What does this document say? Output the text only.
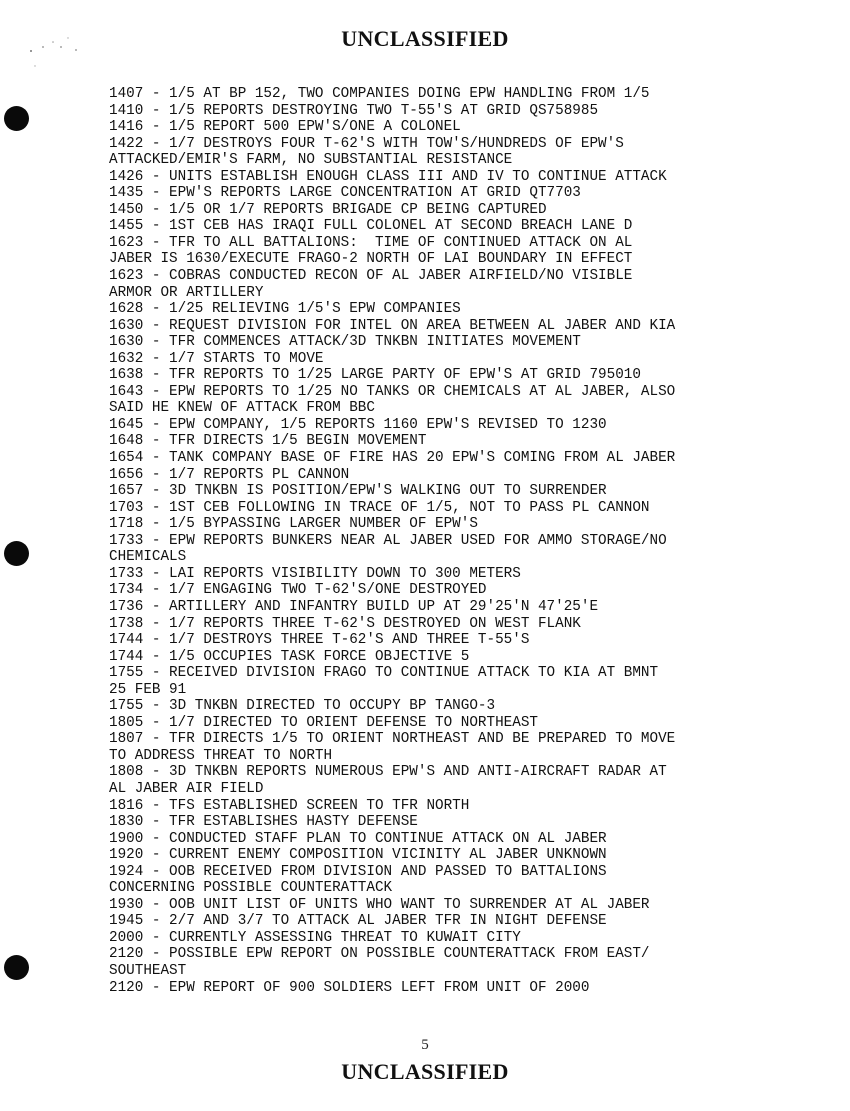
UNCLASSIFIED
1407 - 1/5 AT BP 152, TWO COMPANIES DOING EPW HANDLING FROM 1/5
1410 - 1/5 REPORTS DESTROYING TWO T-55'S AT GRID QS758985
1416 - 1/5 REPORT 500 EPW'S/ONE A COLONEL
1422 - 1/7 DESTROYS FOUR T-62'S WITH TOW'S/HUNDREDS OF EPW'S
ATTACKED/EMIR'S FARM, NO SUBSTANTIAL RESISTANCE
1426 - UNITS ESTABLISH ENOUGH CLASS III AND IV TO CONTINUE ATTACK
1435 - EPW'S REPORTS LARGE CONCENTRATION AT GRID QT7703
1450 - 1/5 OR 1/7 REPORTS BRIGADE CP BEING CAPTURED
1455 - 1ST CEB HAS IRAQI FULL COLONEL AT SECOND BREACH LANE D
1623 - TFR TO ALL BATTALIONS:  TIME OF CONTINUED ATTACK ON AL
JABER IS 1630/EXECUTE FRAGO-2 NORTH OF LAI BOUNDARY IN EFFECT
1623 - COBRAS CONDUCTED RECON OF AL JABER AIRFIELD/NO VISIBLE
ARMOR OR ARTILLERY
1628 - 1/25 RELIEVING 1/5'S EPW COMPANIES
1630 - REQUEST DIVISION FOR INTEL ON AREA BETWEEN AL JABER AND KIA
1630 - TFR COMMENCES ATTACK/3D TNKBN INITIATES MOVEMENT
1632 - 1/7 STARTS TO MOVE
1638 - TFR REPORTS TO 1/25 LARGE PARTY OF EPW'S AT GRID 795010
1643 - EPW REPORTS TO 1/25 NO TANKS OR CHEMICALS AT AL JABER, ALSO
SAID HE KNEW OF ATTACK FROM BBC
1645 - EPW COMPANY, 1/5 REPORTS 1160 EPW'S REVISED TO 1230
1648 - TFR DIRECTS 1/5 BEGIN MOVEMENT
1654 - TANK COMPANY BASE OF FIRE HAS 20 EPW'S COMING FROM AL JABER
1656 - 1/7 REPORTS PL CANNON
1657 - 3D TNKBN IS POSITION/EPW'S WALKING OUT TO SURRENDER
1703 - 1ST CEB FOLLOWING IN TRACE OF 1/5, NOT TO PASS PL CANNON
1718 - 1/5 BYPASSING LARGER NUMBER OF EPW'S
1733 - EPW REPORTS BUNKERS NEAR AL JABER USED FOR AMMO STORAGE/NO
CHEMICALS
1733 - LAI REPORTS VISIBILITY DOWN TO 300 METERS
1734 - 1/7 ENGAGING TWO T-62'S/ONE DESTROYED
1736 - ARTILLERY AND INFANTRY BUILD UP AT 29'25'N 47'25'E
1738 - 1/7 REPORTS THREE T-62'S DESTROYED ON WEST FLANK
1744 - 1/7 DESTROYS THREE T-62'S AND THREE T-55'S
1744 - 1/5 OCCUPIES TASK FORCE OBJECTIVE 5
1755 - RECEIVED DIVISION FRAGO TO CONTINUE ATTACK TO KIA AT BMNT
25 FEB 91
1755 - 3D TNKBN DIRECTED TO OCCUPY BP TANGO-3
1805 - 1/7 DIRECTED TO ORIENT DEFENSE TO NORTHEAST
1807 - TFR DIRECTS 1/5 TO ORIENT NORTHEAST AND BE PREPARED TO MOVE
TO ADDRESS THREAT TO NORTH
1808 - 3D TNKBN REPORTS NUMEROUS EPW'S AND ANTI-AIRCRAFT RADAR AT
AL JABER AIR FIELD
1816 - TFS ESTABLISHED SCREEN TO TFR NORTH
1830 - TFR ESTABLISHES HASTY DEFENSE
1900 - CONDUCTED STAFF PLAN TO CONTINUE ATTACK ON AL JABER
1920 - CURRENT ENEMY COMPOSITION VICINITY AL JABER UNKNOWN
1924 - OOB RECEIVED FROM DIVISION AND PASSED TO BATTALIONS
CONCERNING POSSIBLE COUNTERATTACK
1930 - OOB UNIT LIST OF UNITS WHO WANT TO SURRENDER AT AL JABER
1945 - 2/7 AND 3/7 TO ATTACK AL JABER TFR IN NIGHT DEFENSE
2000 - CURRENTLY ASSESSING THREAT TO KUWAIT CITY
2120 - POSSIBLE EPW REPORT ON POSSIBLE COUNTERATTACK FROM EAST/
SOUTHEAST
2120 - EPW REPORT OF 900 SOLDIERS LEFT FROM UNIT OF 2000
5
UNCLASSIFIED
